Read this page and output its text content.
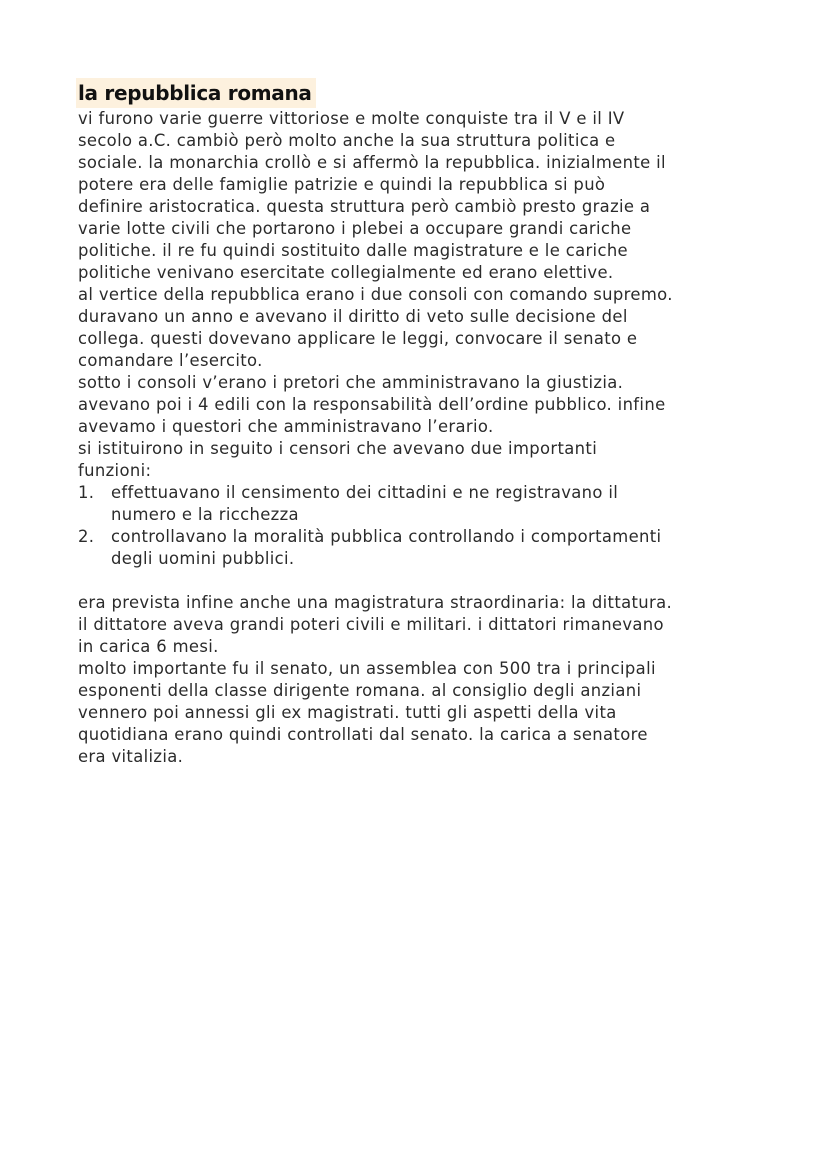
la repubblica romana
vi furono varie guerre vittoriose e molte conquiste tra il V e il IV
secolo a.C. cambiò però molto anche la sua struttura politica e
sociale. la monarchia crollò e si affermò la repubblica. inizialmente il
potere era delle famiglie patrizie e quindi la repubblica si può
definire aristocratica. questa struttura però cambiò presto grazie a
varie lotte civili che portarono i plebei a occupare grandi cariche
politiche. il re fu quindi sostituito dalle magistrature e le cariche
politiche venivano esercitate collegialmente ed erano elettive.
al vertice della repubblica erano i due consoli con comando supremo.
duravano un anno e avevano il diritto di veto sulle decisione del
collega. questi dovevano applicare le leggi, convocare il senato e
comandare l’esercito.
sotto i consoli v’erano i pretori che amministravano la giustizia.
avevano poi i 4 edili con la responsabilità dell’ordine pubblico. infine
avevamo i questori che amministravano l’erario.
si istituirono in seguito i censori che avevano due importanti
funzioni:
1. effettuavano il censimento dei cittadini e ne registravano il
numero e la ricchezza
2. controllavano la moralità pubblica controllando i comportamenti
degli uomini pubblici.
era prevista infine anche una magistratura straordinaria: la dittatura.
il dittatore aveva grandi poteri civili e militari. i dittatori rimanevano
in carica 6 mesi.
molto importante fu il senato, un assemblea con 500 tra i principali
esponenti della classe dirigente romana. al consiglio degli anziani
vennero poi annessi gli ex magistrati. tutti gli aspetti della vita
quotidiana erano quindi controllati dal senato. la carica a senatore
era vitalizia.
